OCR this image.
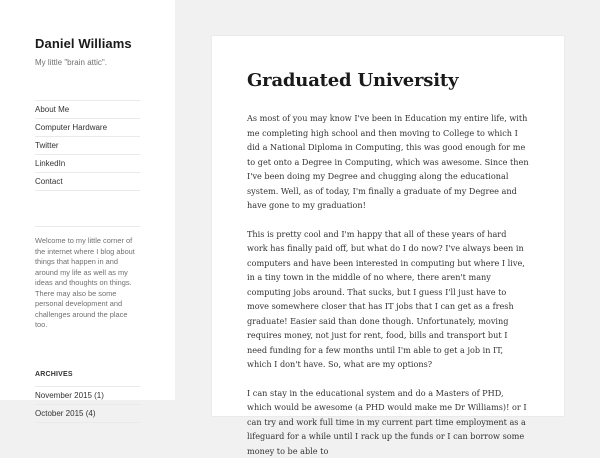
Daniel Williams
My little "brain attic".
About Me
Computer Hardware
Twitter
LinkedIn
Contact
Welcome to my little corner of the internet where I blog about things that happen in and around my life as well as my ideas and thoughts on things. There may also be some personal development and challenges around the place too.
ARCHIVES
November 2015 (1)
October 2015 (4)
Graduated University

As most of you may know I've been in Education my entire life, with me completing high school and then moving to College to which I did a National Diploma in Computing, this was good enough for me to get onto a Degree in Computing, which was awesome. Since then I've been doing my Degree and chugging along the educational system. Well, as of today, I'm finally a graduate of my Degree and have gone to my graduation!

This is pretty cool and I'm happy that all of these years of hard work has finally paid off, but what do I do now? I've always been in computers and have been interested in computing but where I live, in a tiny town in the middle of no where, there aren't many computing jobs around. That sucks, but I guess I'll just have to move somewhere closer that has IT jobs that I can get as a fresh graduate! Easier said than done though. Unfortunately, moving requires money, not just for rent, food, bills and transport but I need funding for a few months until I'm able to get a job in IT, which I don't have. So, what are my options?

I can stay in the educational system and do a Masters of PHD, which would be awesome (a PHD would make me Dr Williams)! or I can try and work full time in my current part time employment as a lifeguard for a while until I rack up the funds or I can borrow some money to be able to
